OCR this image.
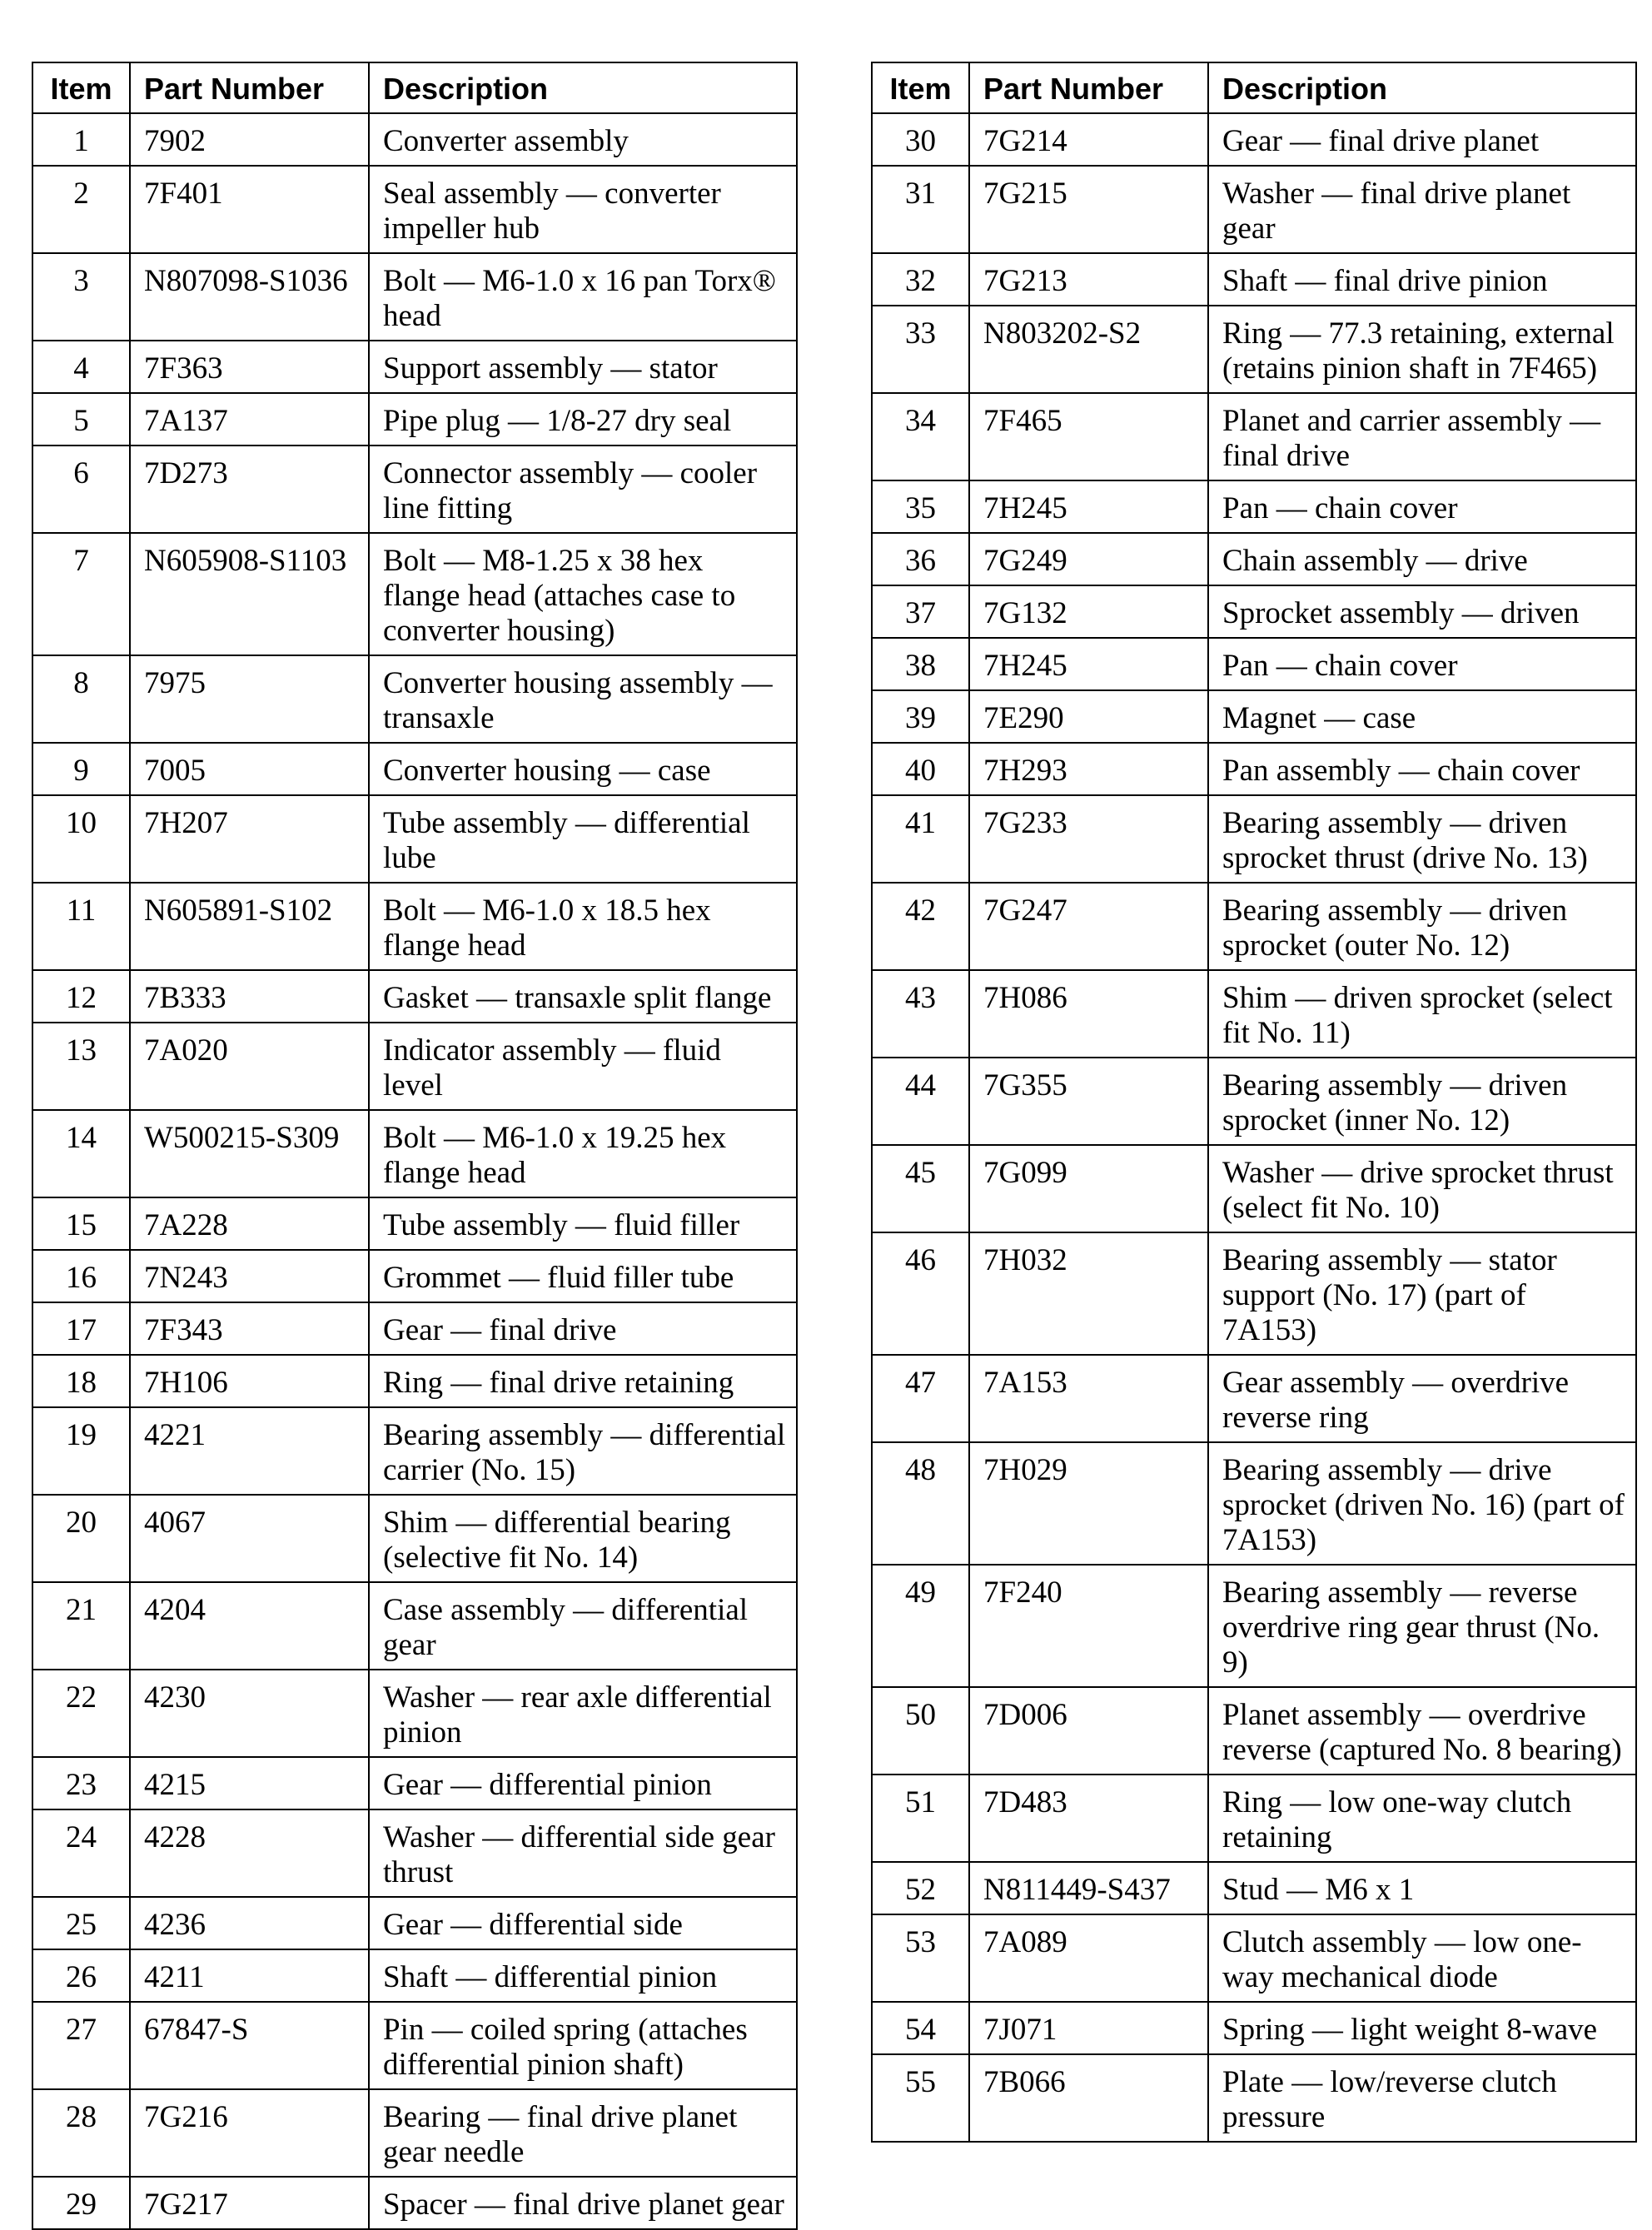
Item	Part Number	Description
1	7902	Converter assembly
2	7F401	Seal assembly — converter impeller hub
3	N807098-S1036	Bolt — M6-1.0 x 16 pan Torx® head
4	7F363	Support assembly — stator
5	7A137	Pipe plug — 1/8-27 dry seal
6	7D273	Connector assembly — cooler line fitting
7	N605908-S1103	Bolt — M8-1.25 x 38 hex flange head (attaches case to converter housing)
8	7975	Converter housing assembly — transaxle
9	7005	Converter housing — case
10	7H207	Tube assembly — differential lube
11	N605891-S102	Bolt — M6-1.0 x 18.5 hex flange head
12	7B333	Gasket — transaxle split flange
13	7A020	Indicator assembly — fluid level
14	W500215-S309	Bolt — M6-1.0 x 19.25 hex flange head
15	7A228	Tube assembly — fluid filler
16	7N243	Grommet — fluid filler tube
17	7F343	Gear — final drive
18	7H106	Ring — final drive retaining
19	4221	Bearing assembly — differential carrier (No. 15)
20	4067	Shim — differential bearing (selective fit No. 14)
21	4204	Case assembly — differential gear
22	4230	Washer — rear axle differential pinion
23	4215	Gear — differential pinion
24	4228	Washer — differential side gear thrust
25	4236	Gear — differential side
26	4211	Shaft — differential pinion
27	67847-S	Pin — coiled spring (attaches differential pinion shaft)
28	7G216	Bearing — final drive planet gear needle
29	7G217	Spacer — final drive planet gear
Item	Part Number	Description
30	7G214	Gear — final drive planet
31	7G215	Washer — final drive planet gear
32	7G213	Shaft — final drive pinion
33	N803202-S2	Ring — 77.3 retaining, external (retains pinion shaft in 7F465)
34	7F465	Planet and carrier assembly — final drive
35	7H245	Pan — chain cover
36	7G249	Chain assembly — drive
37	7G132	Sprocket assembly — driven
38	7H245	Pan — chain cover
39	7E290	Magnet — case
40	7H293	Pan assembly — chain cover
41	7G233	Bearing assembly — driven sprocket thrust (drive No. 13)
42	7G247	Bearing assembly — driven sprocket (outer No. 12)
43	7H086	Shim — driven sprocket (select fit No. 11)
44	7G355	Bearing assembly — driven sprocket (inner No. 12)
45	7G099	Washer — drive sprocket thrust (select fit No. 10)
46	7H032	Bearing assembly — stator support (No. 17) (part of 7A153)
47	7A153	Gear assembly — overdrive reverse ring
48	7H029	Bearing assembly — drive sprocket (driven No. 16) (part of 7A153)
49	7F240	Bearing assembly — reverse overdrive ring gear thrust (No. 9)
50	7D006	Planet assembly — overdrive reverse (captured No. 8 bearing)
51	7D483	Ring — low one-way clutch retaining
52	N811449-S437	Stud — M6 x 1
53	7A089	Clutch assembly — low one-way mechanical diode
54	7J071	Spring — light weight 8-wave
55	7B066	Plate — low/reverse clutch pressure
